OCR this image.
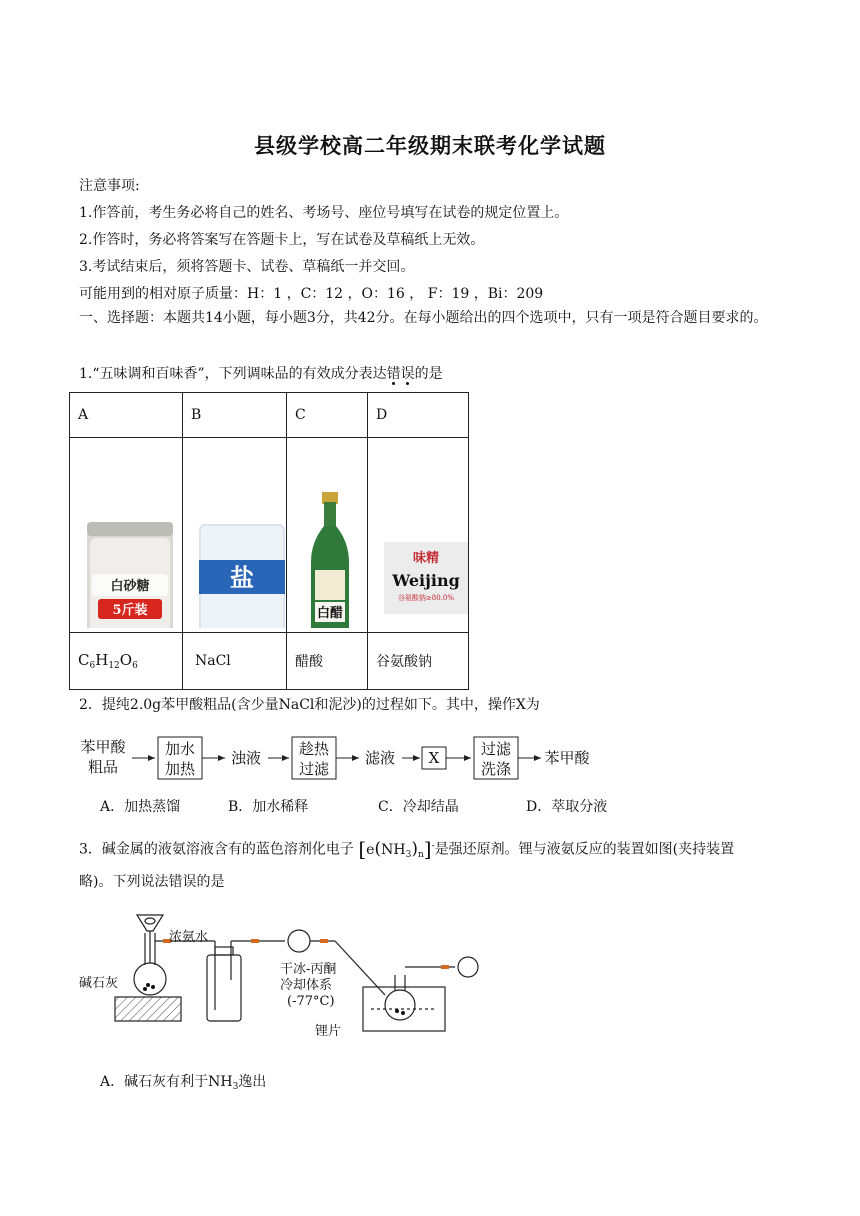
县级学校高二年级期末联考化学试题
注意事项:
1.作答前，考生务必将自己的姓名、考场号、座位号填写在试卷的规定位置上。
2.作答时，务必将答案写在答题卡上，写在试卷及草稿纸上无效。
3.考试结束后，须将答题卡、试卷、草稿纸一并交回。
可能用到的相对原子质量：H：1 ，C：12 ，O：16 ， F：19 ，Bi：209
一、选择题：本题共14小题，每小题3分，共42分。在每小题给出的四个选项中，只有一项是符合题目要求的。
1.“五味调和百味香”，下列调味品的有效成分表达错误的是
A	B	C	D

白砂糖
5斤装	盐	白醋	味精
Weijing
谷氨酸钠≥80.0%

$C_6H_{12}O_6$	NaCl	醋酸	谷氨酸钠
2．提纯2.0g苯甲酸粗品(含少量NaCl和泥沙)的过程如下。其中，操作X为
苯甲酸
粗品
加水
加热
浊液	趁热
过滤
滤液 X	过滤
洗涤
苯甲酸
A．加热蒸馏	B．加水稀释	C．冷却结晶	D．萃取分液
3．碱金属的液氨溶液含有的蓝色溶剂化电子 $[e(NH_3)_n]^-$是强还原剂。锂与液氨反应的装置如图(夹持装置
略)。下列说法错误的是
浓氨水
碱石灰
干冰-丙酮
冷却体系
(-77°C)
锂片
A．碱石灰有利于$NH_3$逸出
